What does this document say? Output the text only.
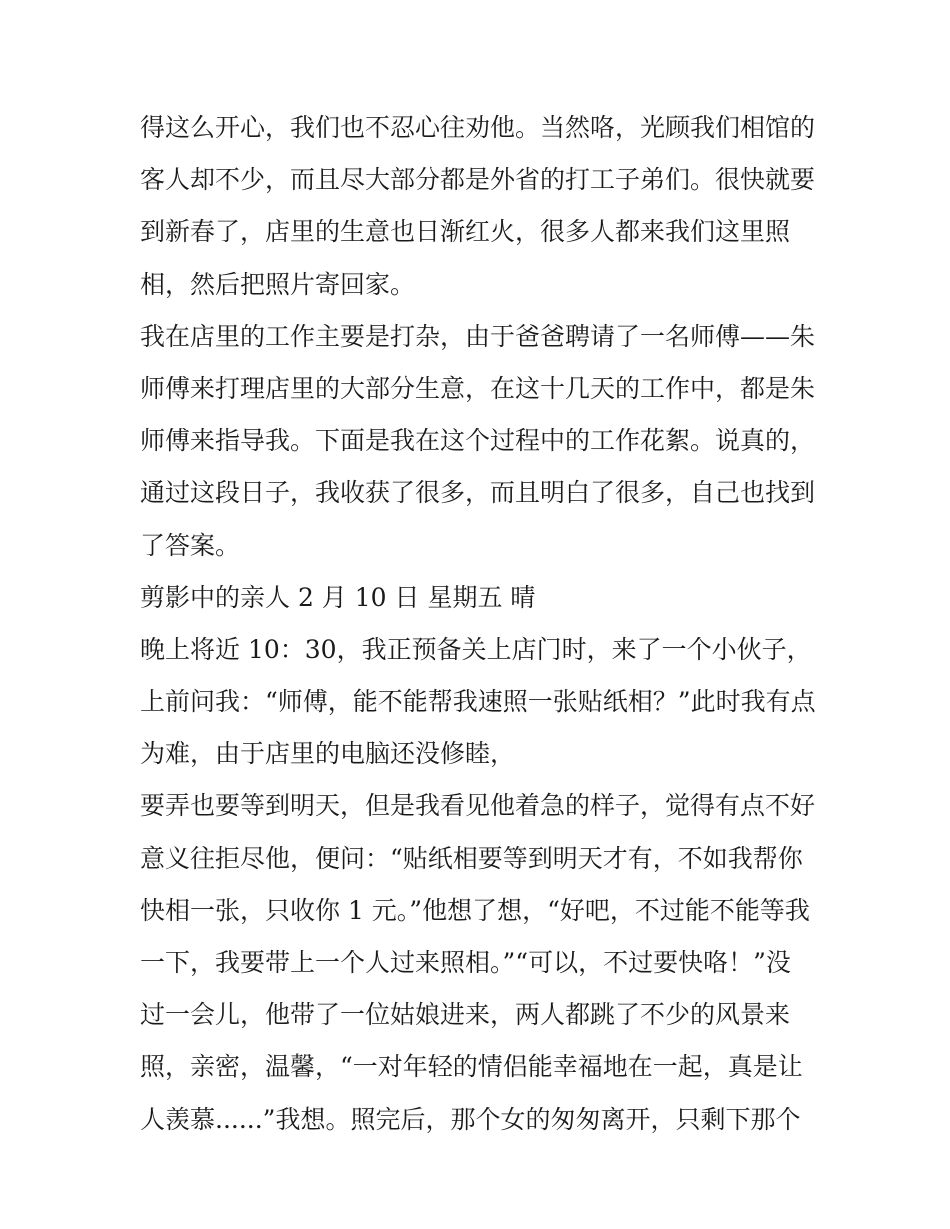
得这么开心，我们也不忍心往劝他。当然咯，光顾我们相馆的
客人却不少，而且尽大部分都是外省的打工子弟们。很快就要
到新春了，店里的生意也日渐红火，很多人都来我们这里照
相，然后把照片寄回家。
我在店里的工作主要是打杂，由于爸爸聘请了一名师傅——朱
师傅来打理店里的大部分生意，在这十几天的工作中，都是朱
师傅来指导我。下面是我在这个过程中的工作花絮。说真的，
通过这段日子，我收获了很多，而且明白了很多，自己也找到
了答案。
剪影中的亲人 2 月 10 日 星期五 晴
晚上将近 10：30，我正预备关上店门时，来了一个小伙子，
上前问我：“师傅，能不能帮我速照一张贴纸相？”此时我有点
为难，由于店里的电脑还没修睦，
要弄也要等到明天，但是我看见他着急的样子，觉得有点不好
意义往拒尽他，便问：“贴纸相要等到明天才有，不如我帮你
快相一张，只收你 1 元。”他想了想，“好吧，不过能不能等我
一下，我要带上一个人过来照相。”“可以，不过要快咯！”没
过一会儿，他带了一位姑娘进来，两人都跳了不少的风景来
照，亲密，温馨，“一对年轻的情侣能幸福地在一起，真是让
人羡慕......”我想。照完后，那个女的匆匆离开，只剩下那个
